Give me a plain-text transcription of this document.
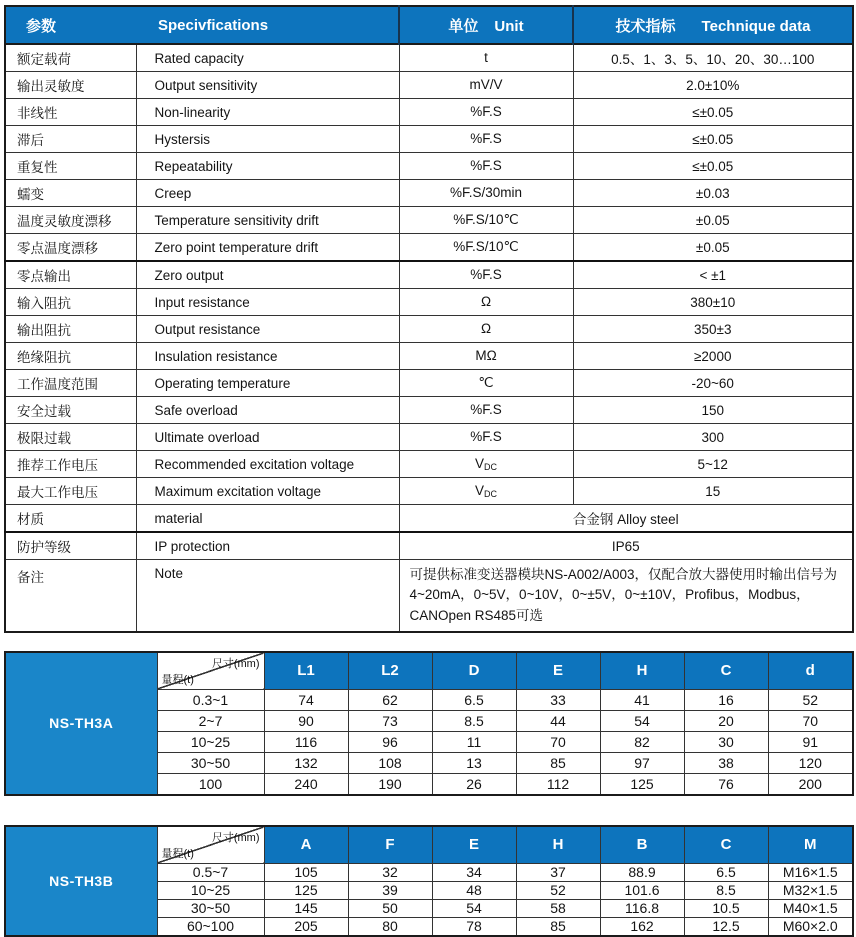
参数	Specivfications	单位 Unit	技术指标 Technique data
额定载荷	Rated capacity	t	0.5、1、3、5、10、20、30…100
输出灵敏度	Output sensitivity	mV/V	2.0±10%
非线性	Non-linearity	%F.S	≤±0.05
滞后	Hystersis	%F.S	≤±0.05
重复性	Repeatability	%F.S	≤±0.05
蠕变	Creep	%F.S/30min	±0.03
温度灵敏度漂移	Temperature sensitivity drift	%F.S/10℃	±0.05
零点温度漂移	Zero point temperature drift	%F.S/10℃	±0.05
零点输出	Zero output	%F.S	< ±1
输入阻抗	Input resistance	Ω	380±10
输出阻抗	Output resistance	Ω	350±3
绝缘阻抗	Insulation resistance	MΩ	≥2000
工作温度范围	Operating temperature	℃	-20~60
安全过载	Safe overload	%F.S	150
极限过载	Ultimate overload	%F.S	300
推荐工作电压	Recommended excitation voltage	$V_{DC}$	5~12
最大工作电压	Maximum excitation voltage	$V_{DC}$	15
材质	material	合金钢 Alloy steel	
防护等级	IP protection	IP65	
备注	Note	可提供标准变送器模块NS-A002/A003，仅配合放大器使用时输出信号为4~20mA，0~5V，0~10V，0~±5V，0~±10V，Profibus，Modbus，CANOpen RS485可选	
NS-TH3A	尺寸(mm)
量程(t)	L1	L2	D	E	H	C	d
	0.3~1	74	62	6.5	33	41	16	52
	2~7	90	73	8.5	44	54	20	70
	10~25	116	96	11	70	82	30	91
	30~50	132	108	13	85	97	38	120
	100	240	190	26	112	125	76	200
NS-TH3B	尺寸(mm)
量程(t)	A	F	E	H	B	C	M
	0.5~7	105	32	34	37	88.9	6.5	M16×1.5
	10~25	125	39	48	52	101.6	8.5	M32×1.5
	30~50	145	50	54	58	116.8	10.5	M40×1.5
	60~100	205	80	78	85	162	12.5	M60×2.0
